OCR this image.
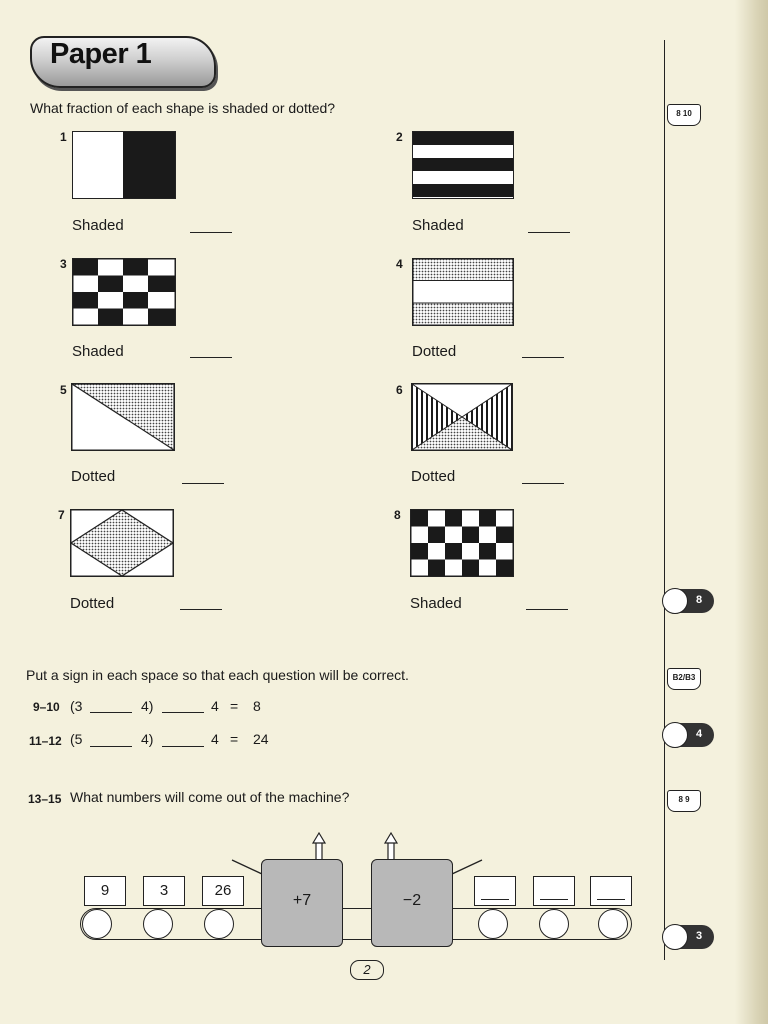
Paper 1
What fraction of each shape is shaded or dotted?	8 10
1
Shaded
2
Shaded
3
Shaded
4
Dotted
5
Dotted
6
Dotted
7
Dotted
8
Shaded	8
Put a sign in each space so that each question will be correct.	B2/B3
9–10 (3	4)	4 = 8
11–12 (5	4)	4 = 24	4
13–15 What numbers will come out of the machine?	8 9
9	3	26
+7	−2
3
2
